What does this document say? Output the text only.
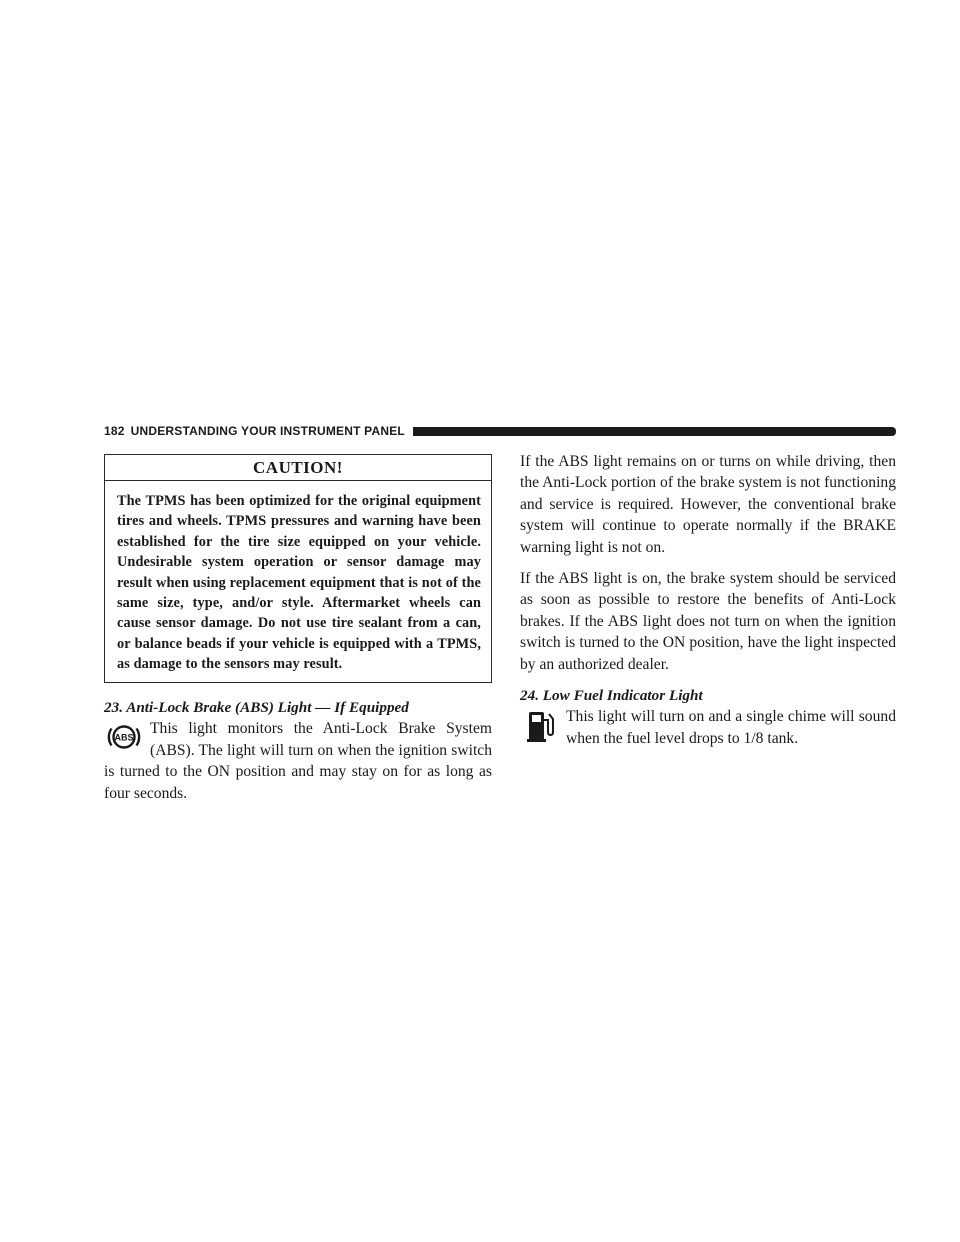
182 UNDERSTANDING YOUR INSTRUMENT PANEL
CAUTION!
The TPMS has been optimized for the original equipment tires and wheels. TPMS pressures and warning have been established for the tire size equipped on your vehicle. Undesirable system operation or sensor damage may result when using replacement equipment that is not of the same size, type, and/or style. Aftermarket wheels can cause sensor damage. Do not use tire sealant from a can, or balance beads if your vehicle is equipped with a TPMS, as damage to the sensors may result.

23. Anti-Lock Brake (ABS) Light — If Equipped

ABS

This light monitors the Anti-Lock Brake System (ABS). The light will turn on when the ignition switch is turned to the ON position and may stay on for as long as four seconds.

If the ABS light remains on or turns on while driving, then the Anti-Lock portion of the brake system is not functioning and service is required. However, the conventional brake system will continue to operate normally if the BRAKE warning light is not on.

If the ABS light is on, the brake system should be serviced as soon as possible to restore the benefits of Anti-Lock brakes. If the ABS light does not turn on when the ignition switch is turned to the ON position, have the light inspected by an authorized dealer.

24. Low Fuel Indicator Light

This light will turn on and a single chime will sound when the fuel level drops to 1/8 tank.
